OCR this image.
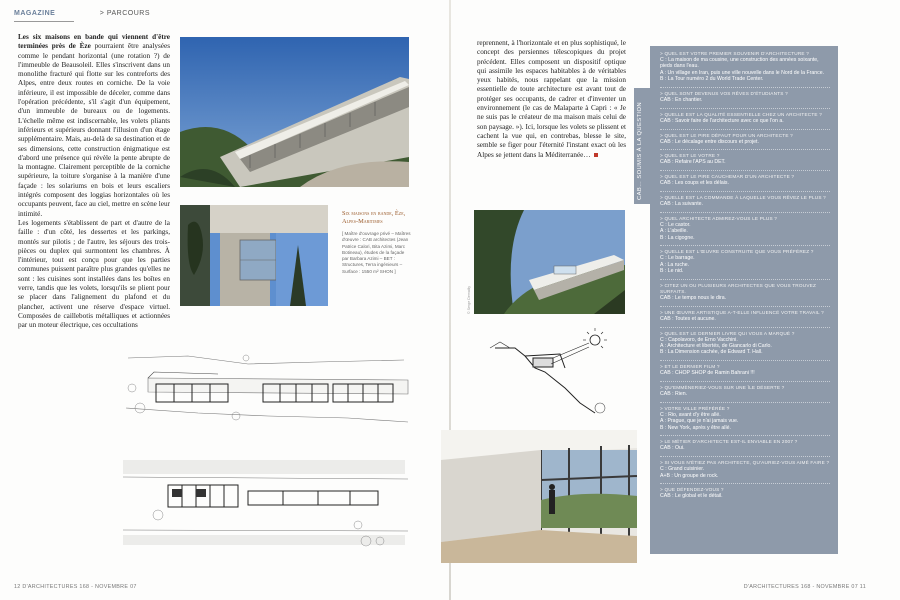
MAGAZINE	> PARCOURS

Les six maisons en bande qui viennent d'être terminées près de Èze pourraient être analysées comme le pendant horizontal (une rotation ?) de l'immeuble de Beausoleil. Elles s'inscrivent dans un monolithe fracturé qui flotte sur les contreforts des Alpes, entre deux routes en corniche. De la voie inférieure, il est impossible de déceler, comme dans l'opération précédente, s'il s'agit d'un équipement, d'un immeuble de bureaux ou de logements. L'échelle même est indiscernable, les volets pliants inférieurs et supérieurs donnant l'illusion d'un étage supplémentaire. Mais, au-delà de sa destination et de ses dimensions, cette construction énigmatique est d'abord une présence qui révèle la pente abrupte de la montagne. Clairement perceptible de la corniche supérieure, la toiture s'organise à la manière d'une façade : les solariums en bois et leurs escaliers intégrés composent des loggias horizontales où les occupants peuvent, face au ciel, mettre en scène leur intimité.

Les logements s'établissent de part et d'autre de la faille : d'un côté, les dessertes et les parkings, montés sur pilotis ; de l'autre, les séjours des trois-pièces ou duplex qui surmontent les chambres. À l'intérieur, tout est conçu pour que les parties communes puissent paraître plus grandes qu'elles ne sont : les cuisines sont installées dans les boîtes en verre, tandis que les volets, lorsqu'ils se plient pour se placer dans l'alignement du plafond et du plancher, activent une réserve d'espace virtuel. Composées de caillebotis métalliques et actionnées par un moteur électrique, ces occultations

Six maisons en bande, Èze, Alpes-Maritimes
[ Maître d'ouvrage privé – Maîtres d'œuvre : CAB architectes (Jean Patrice Calori, Bita Azimi, Marc Botineau), études de la façade par Barbara Azimi – BET : Structures, Terra ingénieurs – Surface : 1550 m² SHON ]

reprennent, à l'horizontale et en plus sophistiqué, le concept des persiennes télescopiques du projet précédent. Elles composent un dispositif optique qui assimile les espaces habitables à de véritables yeux habités, nous rappelant que la mission essentielle de toute architecture est avant tout de protéger ses occupants, de cadrer et d'inventer un environnement (le cas de Malaparte à Capri : « Je ne suis pas le créateur de ma maison mais celui de son paysage. »). Ici, lorsque les volets se plissent et cachent la vue qui, en contrebas, blesse le site, semble se figer pour l'éternité l'instant exact où les Alpes se jettent dans la Méditerranée…

© Serge Demailly
CAB… SOUMIS À LA QUESTION
> QUEL EST VOTRE PREMIER SOUVENIR D'ARCHITECTURE ?
C : La maison de ma cousine, une construction des années soixante, pieds dans l'eau.
A : Un village en Iran, puis une ville nouvelle dans le Nord de la France.
B : La Tour numéro 2 du World Trade Center.
> QUEL SONT DEVENUS VOS RÊVES D'ÉTUDIANTS ?
CAB : En chantier.
> QUELLE EST LA QUALITÉ ESSENTIELLE CHEZ UN ARCHITECTE ?
CAB : Savoir faire de l'architecture avec ce que l'on a.
> QUEL EST LE PIRE DÉFAUT POUR UN ARCHITECTE ?
CAB : Le décalage entre discours et projet.
> QUEL EST LE VOTRE ?
CAB : Refaire l'APS au DET.
> QUEL EST LE PIRE CAUCHEMAR D'UN ARCHITECTE ?
CAB : Les coups et les délais.
> QUELLE EST LA COMMANDE À LAQUELLE VOUS RÊVEZ LE PLUS ?
CAB : La suivante.
> QUEL ARCHITECTE ADMIREZ-VOUS LE PLUS ?
C : Le castor.
A : L'abeille.
B : La cigogne.
> QUELLE EST L'ŒUVRE CONSTRUITE QUE VOUS PRÉFÉREZ ?
C : Le barrage.
A : La ruche.
B : Le nid.
> CITEZ UN OU PLUSIEURS ARCHITECTES QUE VOUS TROUVEZ SURFAITS.
CAB : Le temps nous le dira.
> UNE ŒUVRE ARTISTIQUE A-T-ELLE INFLUENCÉ VOTRE TRAVAIL ?
CAB : Toutes et aucune.
> QUEL EST LE DERNIER LIVRE QUI VOUS A MARQUÉ ?
C : Capolavoro, de Erno Vacchini.
A : Architecture et libertés, de Giancarlo di Carlo.
B : La Dimension cachée, de Edward T. Hall.
> ET LE DERNIER FILM ?
CAB : CHOP SHOP de Ramin Bahrani !!!
> QU'EMMÈNERIEZ-VOUS SUR UNE ÎLE DÉSERTE ?
CAB : Rien.
> VOTRE VILLE PRÉFÉRÉE ?
C : Rio, avant d'y être allé.
A : Prague, que je n'ai jamais vue.
B : New York, après y être allé.
> LE MÉTIER D'ARCHITECTE EST-IL ENVIABLE EN 2007 ?
CAB : Oui.
> SI VOUS N'ÉTIEZ PAS ARCHITECTE, QU'AURIEZ-VOUS AIMÉ FAIRE ?
C : Grand cuisinier.
A+B : Un groupe de rock.
> QUE DÉFENDEZ-VOUS ?
CAB : Le global et le détail.
12 D'ARCHITECTURES 168 - NOVEMBRE 07	D'ARCHITECTURES 168 - NOVEMBRE 07 11
